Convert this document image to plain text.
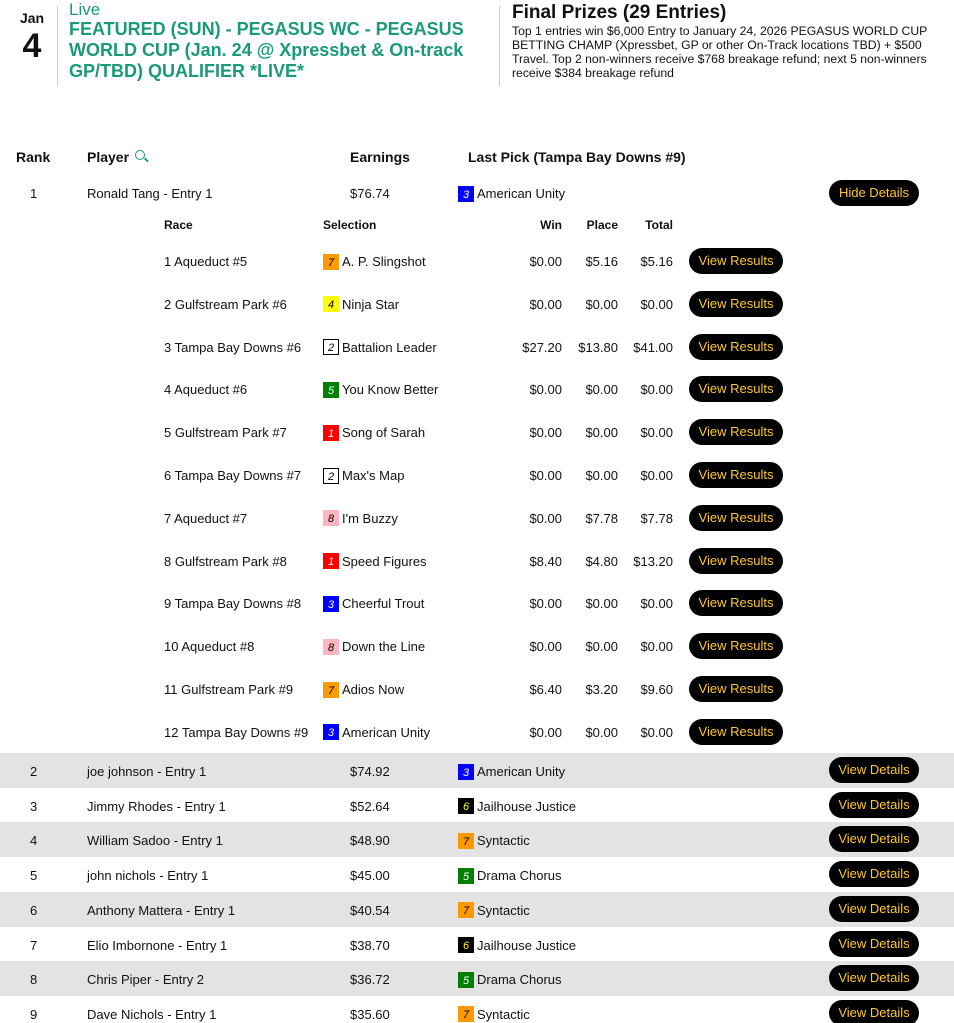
Jan
4
Live
FEATURED (SUN) - PEGASUS WC - PEGASUS WORLD CUP (Jan. 24 @ Xpressbet & On-track GP/TBD) QUALIFIER *LIVE*
Final Prizes (29 Entries)
Top 1 entries win $6,000 Entry to January 24, 2026 PEGASUS WORLD CUP BETTING CHAMP (Xpressbet, GP or other On-Track locations TBD) + $500 Travel. Top 2 non-winners receive $768 breakage refund; next 5 non-winners receive $384 breakage refund
Rank	Player	Earnings	Last Pick (Tampa Bay Downs #9)
1	Ronald Tang - Entry 1	$76.74	3 American Unity	Hide Details
Race	Selection	Win	Place	Total
1 Aqueduct #5	7 A. P. Slingshot	$0.00	$5.16	$5.16	View Results
2 Gulfstream Park #6	4 Ninja Star	$0.00	$0.00	$0.00	View Results
3 Tampa Bay Downs #6	2 Battalion Leader	$27.20	$13.80	$41.00	View Results
4 Aqueduct #6	5 You Know Better	$0.00	$0.00	$0.00	View Results
5 Gulfstream Park #7	1 Song of Sarah	$0.00	$0.00	$0.00	View Results
6 Tampa Bay Downs #7	2 Max's Map	$0.00	$0.00	$0.00	View Results
7 Aqueduct #7	8 I'm Buzzy	$0.00	$7.78	$7.78	View Results
8 Gulfstream Park #8	1 Speed Figures	$8.40	$4.80	$13.20	View Results
9 Tampa Bay Downs #8	3 Cheerful Trout	$0.00	$0.00	$0.00	View Results
10 Aqueduct #8	8 Down the Line	$0.00	$0.00	$0.00	View Results
11 Gulfstream Park #9	7 Adios Now	$6.40	$3.20	$9.60	View Results
12 Tampa Bay Downs #9	3 American Unity	$0.00	$0.00	$0.00	View Results
2	joe johnson - Entry 1	$74.92	3 American Unity	View Details
3	Jimmy Rhodes - Entry 1	$52.64	6 Jailhouse Justice	View Details
4	William Sadoo - Entry 1	$48.90	7 Syntactic	View Details
5	john nichols - Entry 1	$45.00	5 Drama Chorus	View Details
6	Anthony Mattera - Entry 1	$40.54	7 Syntactic	View Details
7	Elio Imbornone - Entry 1	$38.70	6 Jailhouse Justice	View Details
8	Chris Piper - Entry 2	$36.72	5 Drama Chorus	View Details
9	Dave Nichols - Entry 1	$35.60	7 Syntactic	View Details
